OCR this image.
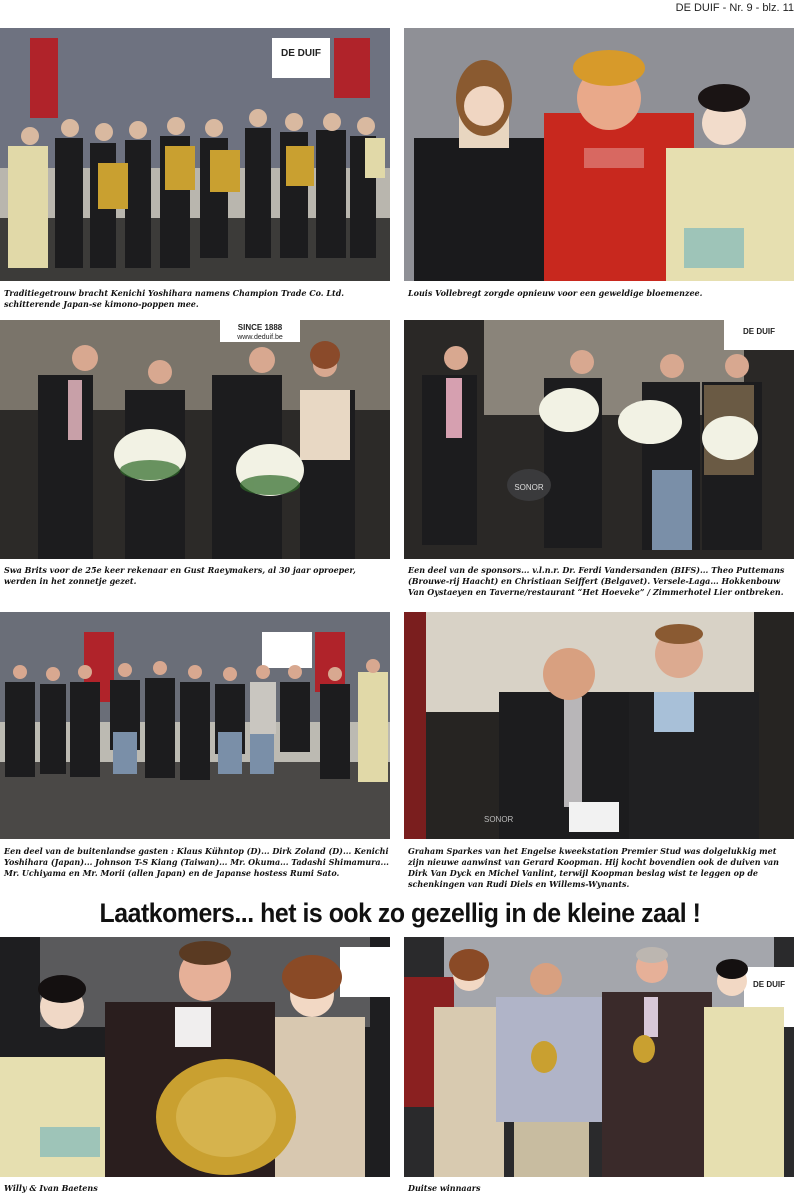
DE DUIF - Nr. 9 - blz. 11
DE DUIF
Traditiegetrouw bracht Kenichi Yoshihara namens Champion Trade Co. Ltd. schitterende Japan-se kimono-poppen mee.
Louis Vollebregt zorgde opnieuw voor een geweldige bloemenzee.
SINCE 1888
www.deduif.be
Swa Brits voor de 25e keer rekenaar en Gust Raeymakers, al 30 jaar oproeper, werden in het zonnetje gezet.
DE DUIF
SONOR
Een deel van de sponsors... v.l.n.r. Dr. Ferdi Vandersanden (BIFS)... Theo Puttemans (Brouwe-rij Haacht) en Christiaan Seiffert (Belgavet). Versele-Laga... Hokkenbouw Van Oystaeyen en Taverne/restaurant “Het Hoeveke” / Zimmerhotel Lier ontbreken.
Een deel van de buitenlandse gasten : Klaus Kühntop (D)... Dirk Zoland (D)... Kenichi Yoshihara (Japan)... Johnson T-S Kiang (Taiwan)... Mr. Okuma... Tadashi Shimamura... Mr. Uchiyama en Mr. Morii (allen Japan) en de Japanse hostess Rumi Sato.
SONOR
Graham Sparkes van het Engelse kweekstation Premier Stud was dolgelukkig met zijn nieuwe aanwinst van Gerard Koopman. Hij kocht bovendien ook de duiven van Dirk Van Dyck en Michel Vanlint, terwijl Koopman beslag wist te leggen op de schenkingen van Rudi Diels en Willems-Wynants.
Laatkomers... het is ook zo gezellig in de kleine zaal !
Willy & Ivan Baetens
DE DUIF
Duitse winnaars
